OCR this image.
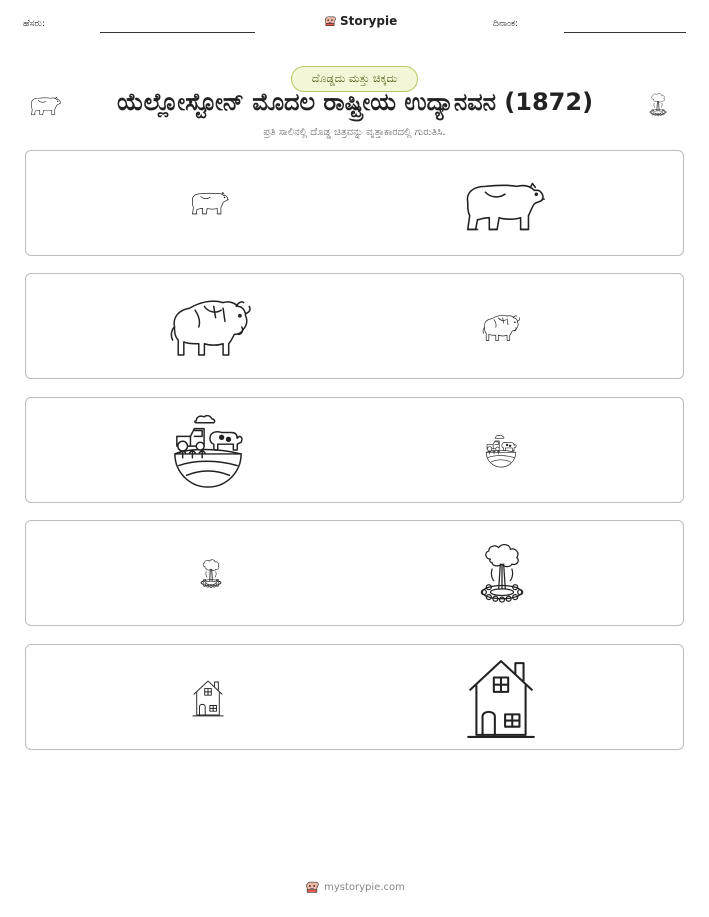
ಹೆಸರು:	Storypie	ದಿನಾಂಕ:
ದೊಡ್ಡದು ಮತ್ತು ಚಿಕ್ಕದು
ಯೆಲ್ಲೋಸ್ಟೋನ್ ಮೊದಲ ರಾಷ್ಟ್ರೀಯ ಉದ್ಯಾನವನ (1872)
ಪ್ರತಿ ಸಾಲಿನಲ್ಲಿ ದೊಡ್ಡ ಚಿತ್ರವನ್ನು ವೃತ್ತಾಕಾರದಲ್ಲಿ ಗುರುತಿಸಿ.
mystorypie.com
